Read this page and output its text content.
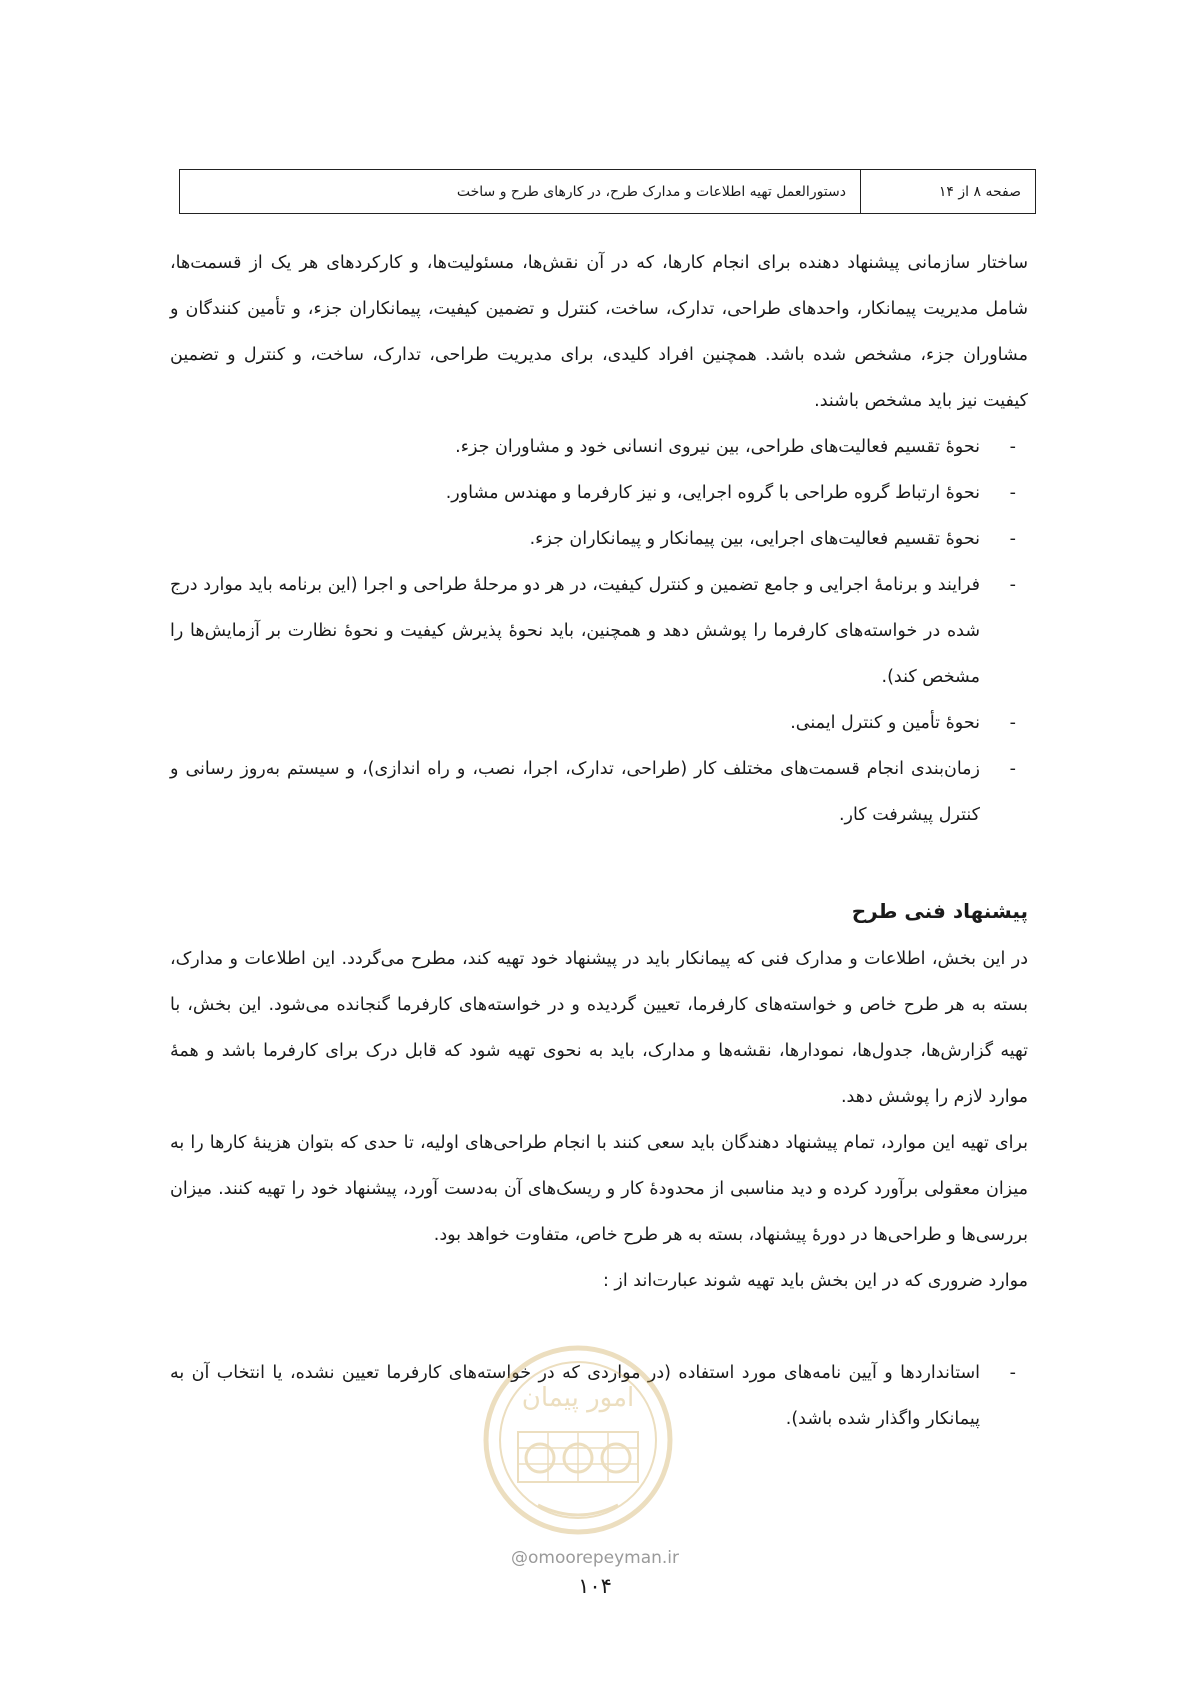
صفحه ۸ از ۱۴
دستورالعمل تهیه اطلاعات و مدارک طرح، در کارهای طرح و ساخت

ساختار سازمانی پیشنهاد دهنده برای انجام کارها، که در آن نقش‌ها، مسئولیت‌ها، و کارکردهای هر یک از قسمت‌ها، شامل مدیریت پیمانکار، واحدهای طراحی، تدارک، ساخت، کنترل و تضمین کیفیت، پیمانکاران جزء، و تأمین کنندگان و مشاوران جزء، مشخص شده باشد. همچنین افراد کلیدی، برای مدیریت طراحی، تدارک، ساخت، و کنترل و تضمین کیفیت نیز باید مشخص باشند.

-
نحوهٔ تقسیم فعالیت‌های طراحی، بین نیروی انسانی خود و مشاوران جزء.
-
نحوهٔ ارتباط گروه طراحی با گروه اجرایی، و نیز کارفرما و مهندس مشاور.
-
نحوهٔ تقسیم فعالیت‌های اجرایی، بین پیمانکار و پیمانکاران جزء.
-
فرایند و برنامهٔ اجرایی و جامع تضمین و کنترل کیفیت، در هر دو مرحلهٔ طراحی و اجرا (این برنامه باید موارد درج شده در خواسته‌های کارفرما را پوشش دهد و همچنین، باید نحوهٔ پذیرش کیفیت و نحوهٔ نظارت بر آزمایش‌ها را مشخص کند).
-
نحوهٔ تأمین و کنترل ایمنی.
-
زمان‌بندی انجام قسمت‌های مختلف کار (طراحی، تدارک، اجرا، نصب، و راه اندازی)، و سیستم به‌روز رسانی و کنترل پیشرفت کار.
پیشنهاد فنی طرح

در این بخش، اطلاعات و مدارک فنی که پیمانکار باید در پیشنهاد خود تهیه کند، مطرح می‌گردد. این اطلاعات و مدارک، بسته به هر طرح خاص و خواسته‌های کارفرما، تعیین گردیده و در خواسته‌های کارفرما گنجانده می‌شود. این بخش، با تهیه گزارش‌ها، جدول‌ها، نمودارها، نقشه‌ها و مدارک، باید به نحوی تهیه شود که قابل درک برای کارفرما باشد و همهٔ موارد لازم را پوشش دهد.

برای تهیه این موارد، تمام پیشنهاد دهندگان باید سعی کنند با انجام طراحی‌های اولیه، تا حدی که بتوان هزینهٔ کارها را به میزان معقولی برآورد کرده و دید مناسبی از محدودهٔ کار و ریسک‌های آن به‌دست آورد، پیشنهاد خود را تهیه کنند. میزان بررسی‌ها و طراحی‌ها در دورهٔ پیشنهاد، بسته به هر طرح خاص، متفاوت خواهد بود.

موارد ضروری که در این بخش باید تهیه شوند عبارت‌اند از :

-
استانداردها و آیین نامه‌های مورد استفاده (در مواردی که در خواسته‌های کارفرما تعیین نشده، یا انتخاب آن به پیمانکار واگذار شده باشد).
امور پیمان
@omoorepeyman.ir
۱۰۴
